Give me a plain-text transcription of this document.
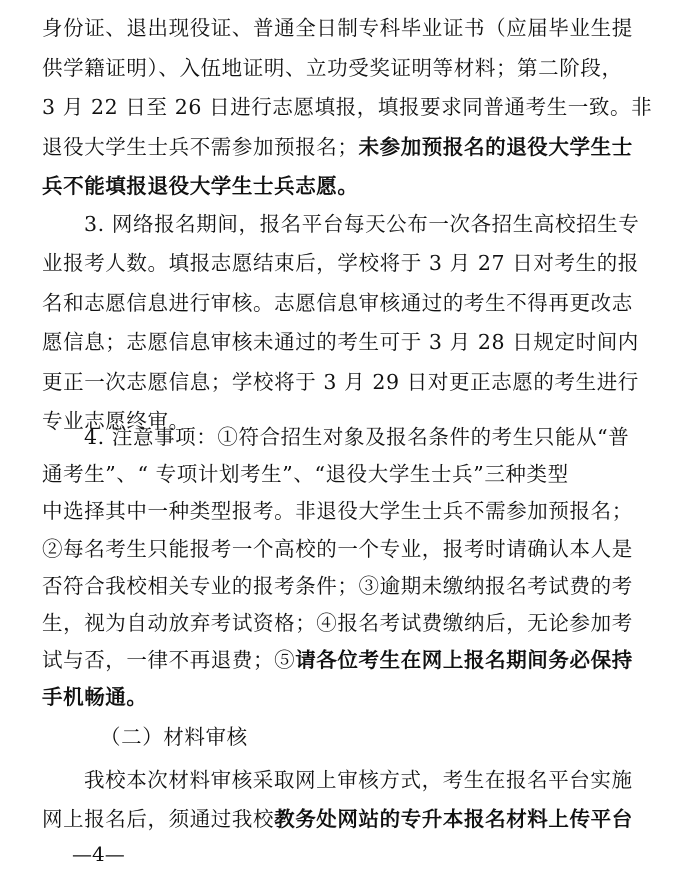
身份证、退出现役证、普通全日制专科毕业证书（应届毕业生提
供学籍证明）、入伍地证明、立功受奖证明等材料；第二阶段，
3 月 22 日至 26 日进行志愿填报，填报要求同普通考生一致。非
退役大学生士兵不需参加预报名；未参加预报名的退役大学生士
兵不能填报退役大学生士兵志愿。
3. 网络报名期间，报名平台每天公布一次各招生高校招生专
业报考人数。填报志愿结束后，学校将于 3 月 27 日对考生的报
名和志愿信息进行审核。志愿信息审核通过的考生不得再更改志
愿信息；志愿信息审核未通过的考生可于 3 月 28 日规定时间内
更正一次志愿信息；学校将于 3 月 29 日对更正志愿的考生进行
专业志愿终审。
4. 注意事项：①符合招生对象及报名条件的考生只能从“普
通考生”、“ 专项计划考生”、“退役大学生士兵”三种类型
中选择其中一种类型报考。非退役大学生士兵不需参加预报名；
②每名考生只能报考一个高校的一个专业，报考时请确认本人是
否符合我校相关专业的报考条件；③逾期未缴纳报名考试费的考
生，视为自动放弃考试资格；④报名考试费缴纳后，无论参加考
试与否，一律不再退费；⑤请各位考生在网上报名期间务必保持
手机畅通。
（二）材料审核
我校本次材料审核采取网上审核方式，考生在报名平台实施
网上报名后，须通过我校教务处网站的专升本报名材料上传平台
—4—
